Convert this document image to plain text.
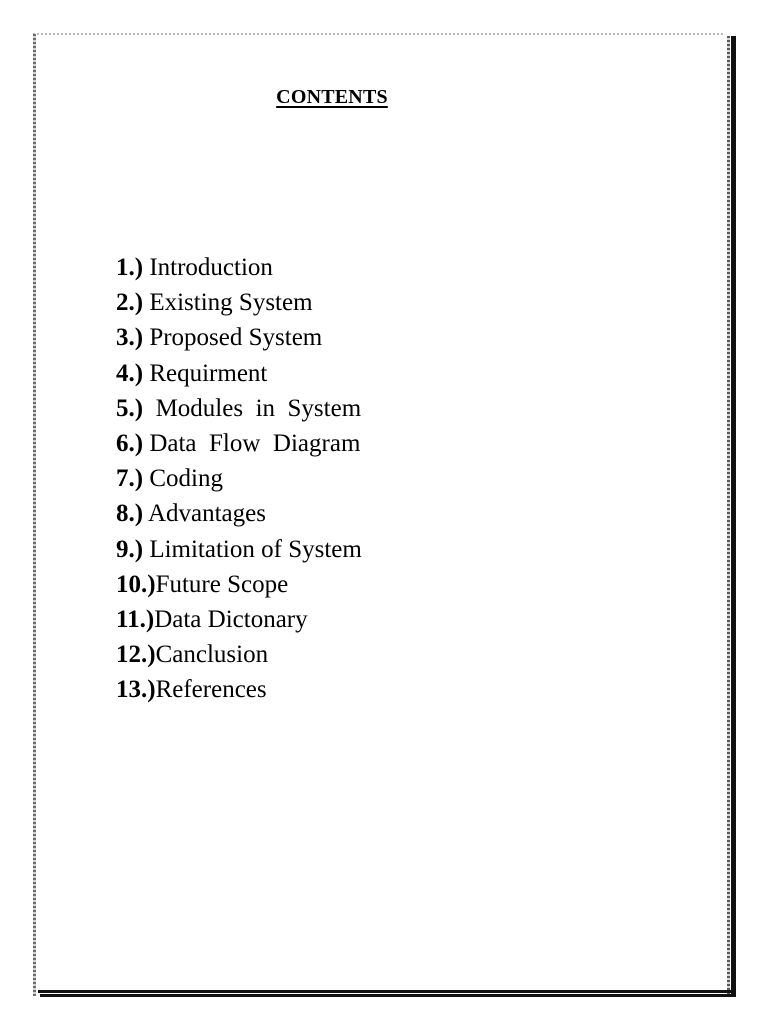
CONTENTS
1.) Introduction
2.) Existing System
3.) Proposed System
4.) Requirment
5.)  Modules  in  System
6.) Data  Flow  Diagram
7.) Coding
8.) Advantages
9.) Limitation of System
10.)Future Scope
11.)Data Dictonary
12.)Canclusion
13.)References
